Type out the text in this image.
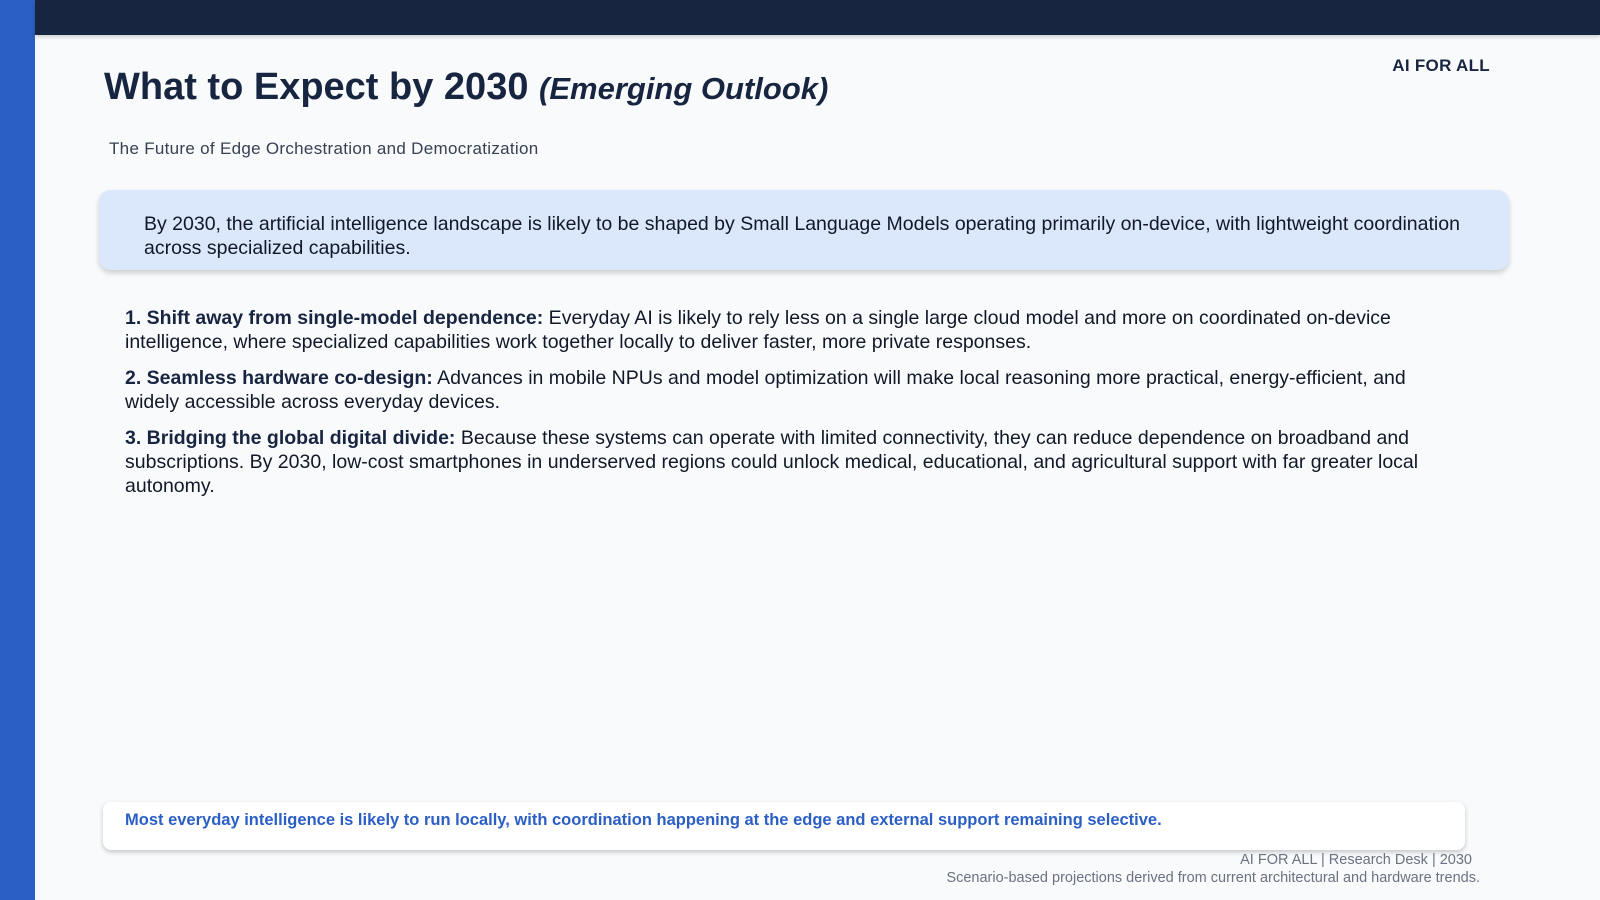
AI FOR ALL
What to Expect by 2030 (Emerging Outlook)
The Future of Edge Orchestration and Democratization
By 2030, the artificial intelligence landscape is likely to be shaped by Small Language Models operating primarily on-device, with lightweight coordination across specialized capabilities.

1. Shift away from single-model dependence: Everyday AI is likely to rely less on a single large cloud model and more on coordinated on-device intelligence, where specialized capabilities work together locally to deliver faster, more private responses.

2. Seamless hardware co-design: Advances in mobile NPUs and model optimization will make local reasoning more practical, energy-efficient, and widely accessible across everyday devices.

3. Bridging the global digital divide: Because these systems can operate with limited connectivity, they can reduce dependence on broadband and subscriptions. By 2030, low-cost smartphones in underserved regions could unlock medical, educational, and agricultural support with far greater local autonomy.

Most everyday intelligence is likely to run locally, with coordination happening at the edge and external support remaining selective.
AI FOR ALL | Research Desk | 2030
Scenario-based projections derived from current architectural and hardware trends.
